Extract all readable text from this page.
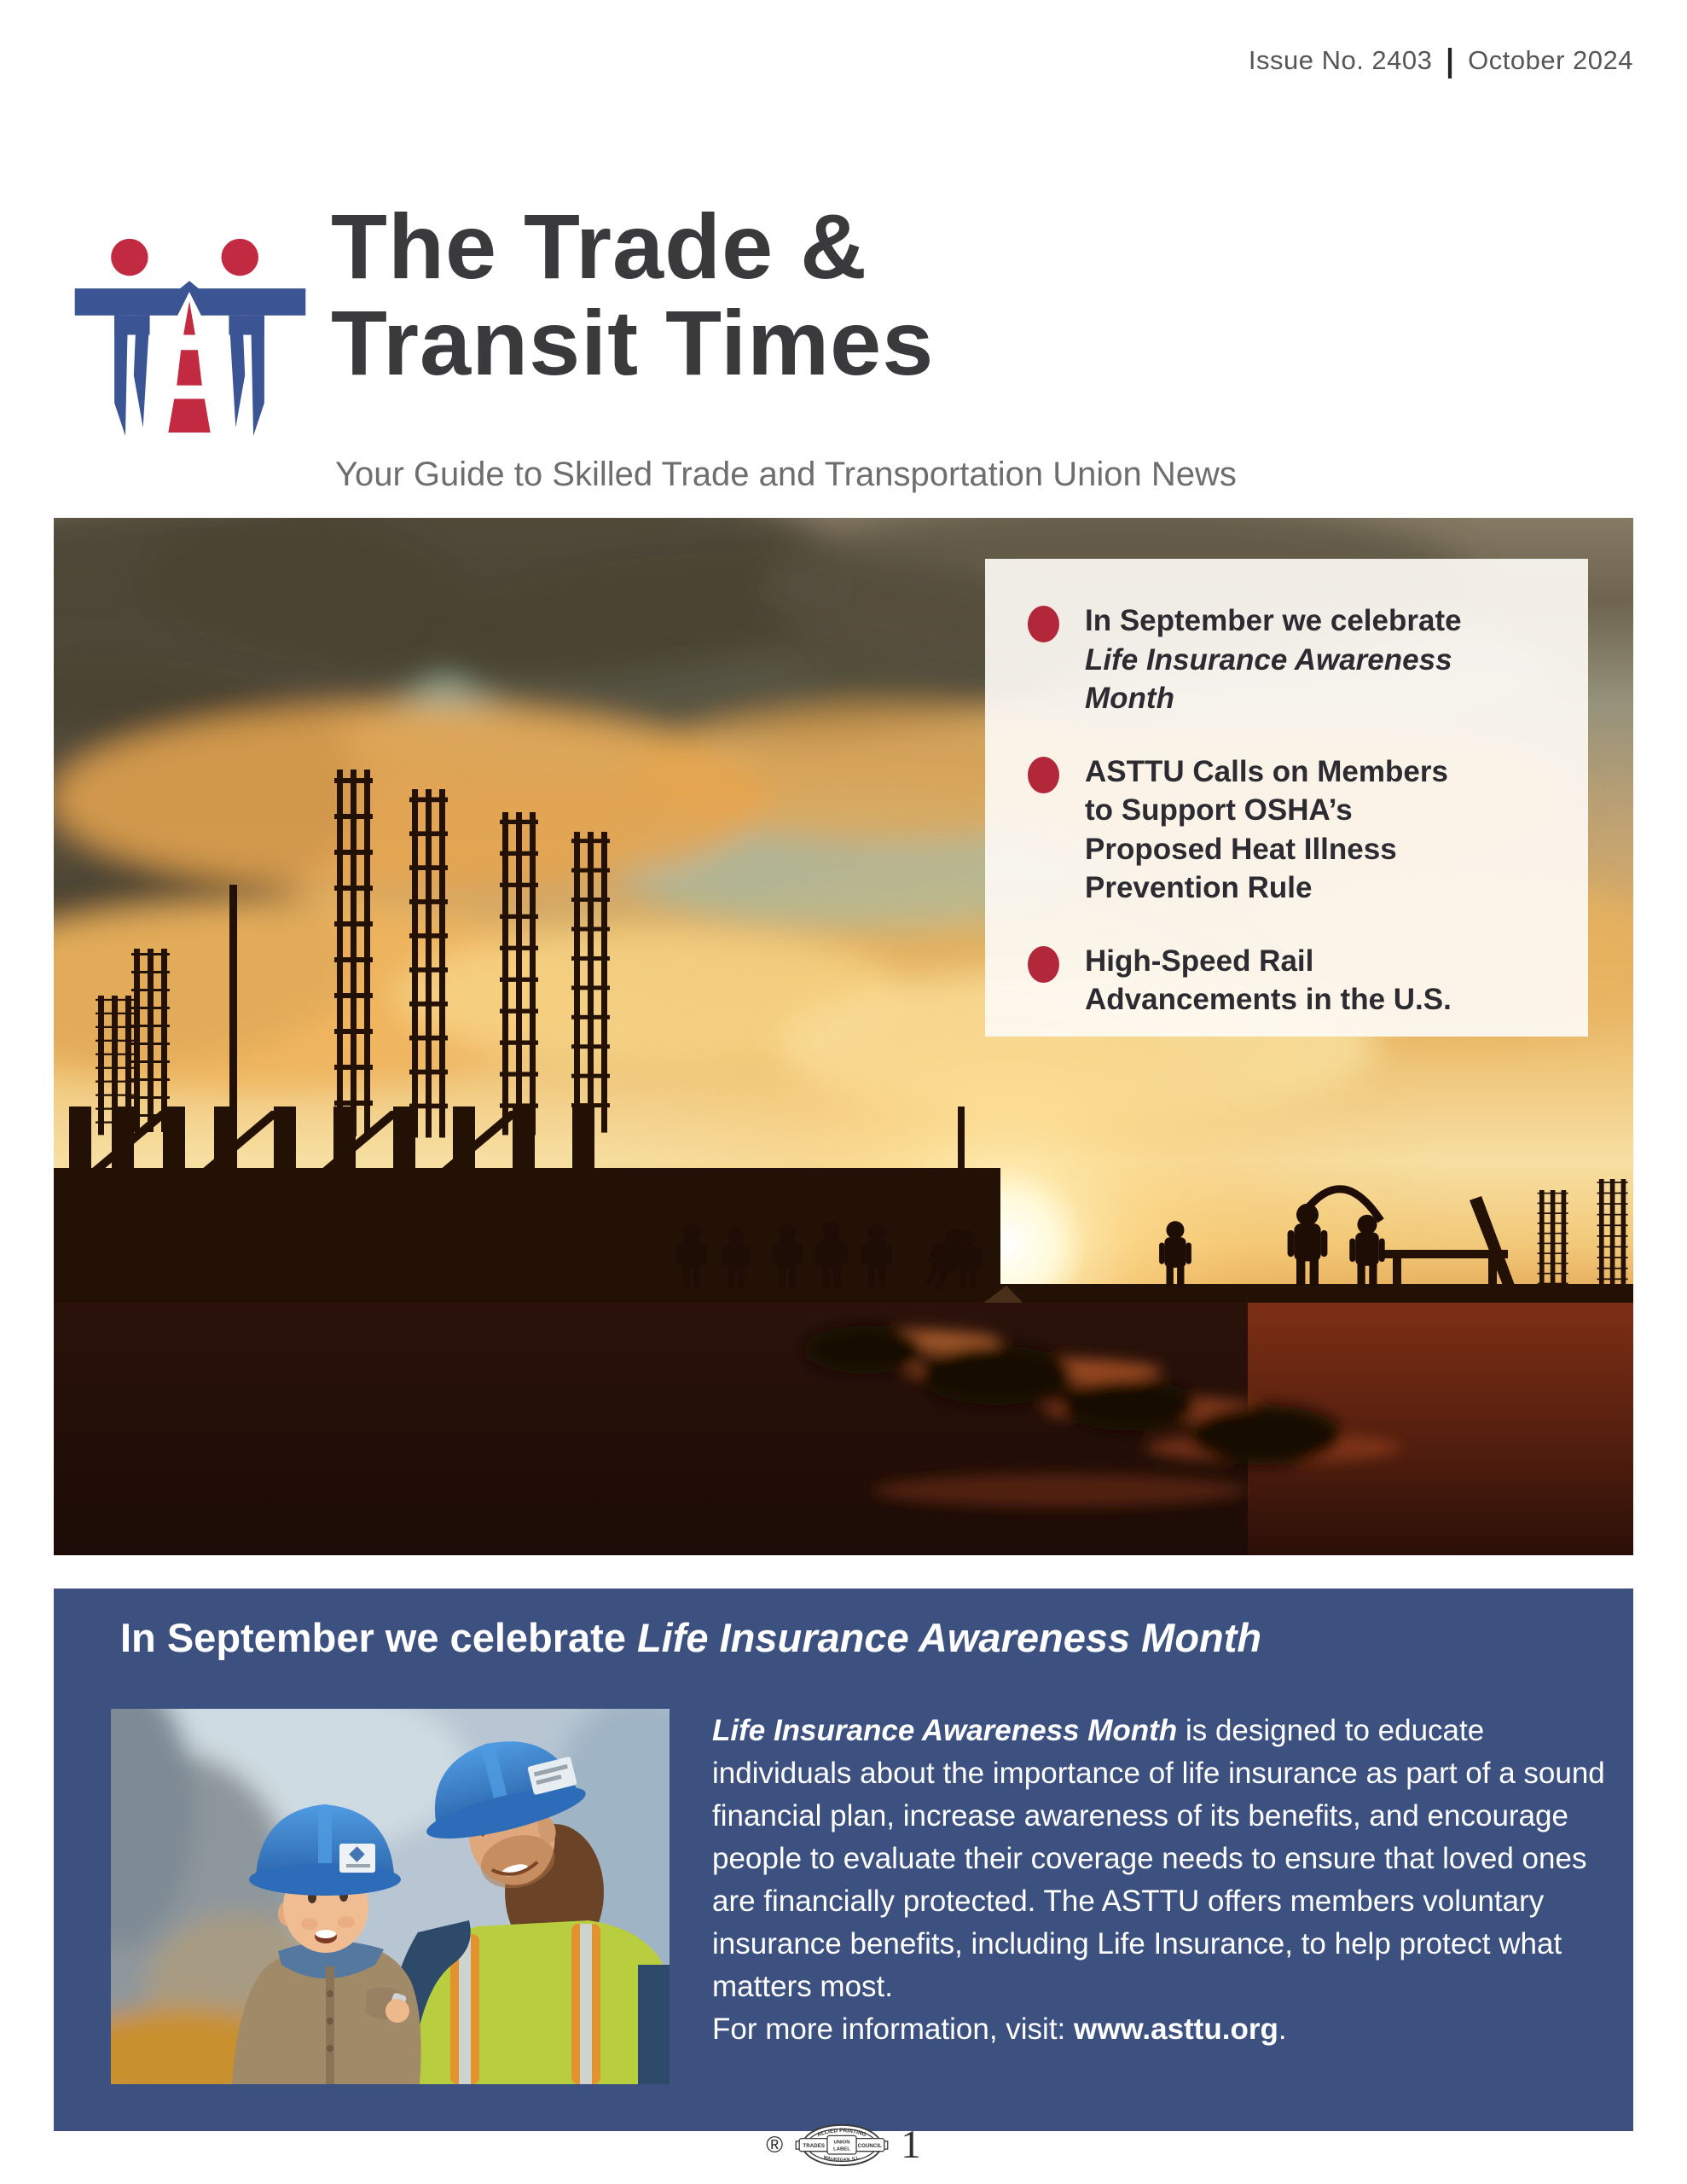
Issue No. 2403 | October 2024
The Trade &
Transit Times
Your Guide to Skilled Trade and Transportation Union News
In September we celebrate
Life Insurance Awareness
Month
ASTTU Calls on Members
to Support OSHA’s
Proposed Heat Illness
Prevention Rule
High-Speed Rail
Advancements in the U.S.
In September we celebrate Life Insurance Awareness Month
Life Insurance Awareness Month is designed to educate individuals about the importance of life insurance as part of a sound financial plan, increase awareness of its benefits, and encourage people to evaluate their coverage needs to ensure that loved ones are financially protected. The ASTTU offers members voluntary insurance benefits, including Life Insurance, to help protect what matters most.
For more information, visit: www.asttu.org.
®	ALLIED PRINTING
WAUKEGAN, ILL.
TRADES	COUNCIL
UNION
LABEL 1
